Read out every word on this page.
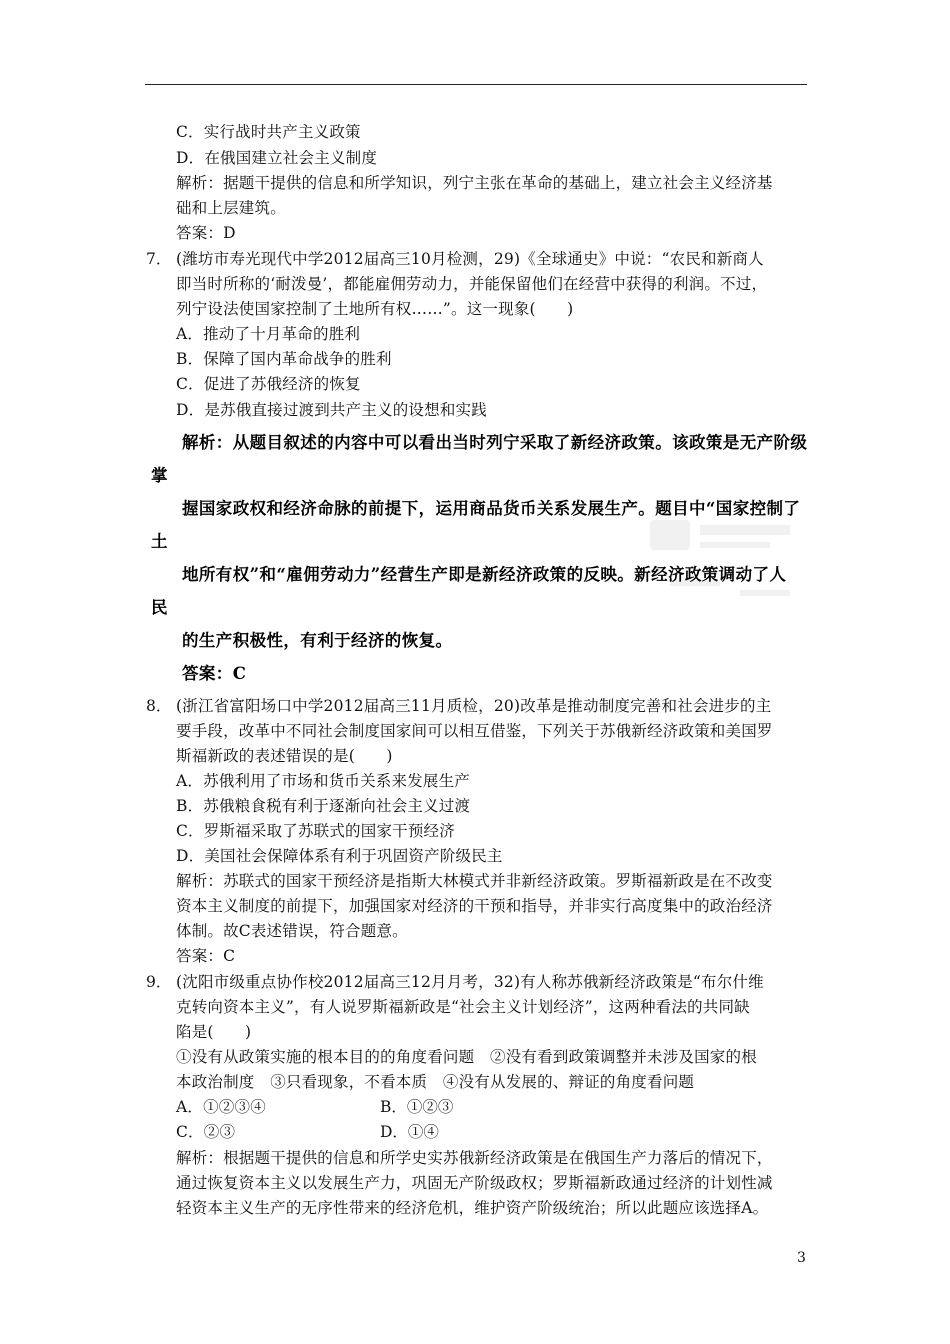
C．实行战时共产主义政策
D．在俄国建立社会主义制度
解析：据题干提供的信息和所学知识，列宁主张在革命的基础上，建立社会主义经济基
础和上层建筑。
答案：D
7． (潍坊市寿光现代中学2012届高三10月检测，29)《全球通史》中说：“农民和新商人
即当时所称的‘耐泼曼’，都能雇佣劳动力，并能保留他们在经营中获得的利润。不过，
列宁设法使国家控制了土地所有权……”。这一现象(　　)
A．推动了十月革命的胜利
B．保障了国内革命战争的胜利
C．促进了苏俄经济的恢复
D．是苏俄直接过渡到共产主义的设想和实践
解析：从题目叙述的内容中可以看出当时列宁采取了新经济政策。该政策是无产阶级
掌
握国家政权和经济命脉的前提下，运用商品货币关系发展生产。题目中“国家控制了
土
地所有权”和“雇佣劳动力”经营生产即是新经济政策的反映。新经济政策调动了人
民
的生产积极性，有利于经济的恢复。
答案：C
8． (浙江省富阳场口中学2012届高三11月质检，20)改革是推动制度完善和社会进步的主
要手段，改革中不同社会制度国家间可以相互借鉴，下列关于苏俄新经济政策和美国罗
斯福新政的表述错误的是(　　)
A．苏俄利用了市场和货币关系来发展生产
B．苏俄粮食税有利于逐渐向社会主义过渡
C．罗斯福采取了苏联式的国家干预经济
D．美国社会保障体系有利于巩固资产阶级民主
解析：苏联式的国家干预经济是指斯大林模式并非新经济政策。罗斯福新政是在不改变
资本主义制度的前提下，加强国家对经济的干预和指导，并非实行高度集中的政治经济
体制。故C表述错误，符合题意。
答案：C
9． (沈阳市级重点协作校2012届高三12月月考，32)有人称苏俄新经济政策是“布尔什维
克转向资本主义”，有人说罗斯福新政是“社会主义计划经济”，这两种看法的共同缺
陷是(　　)
①没有从政策实施的根本目的的角度看问题　②没有看到政策调整并未涉及国家的根
本政治制度　③只看现象，不看本质　④没有从发展的、辩证的角度看问题
A．①②③④	B．①②③
C．②③	D．①④
解析：根据题干提供的信息和所学史实苏俄新经济政策是在俄国生产力落后的情况下，
通过恢复资本主义以发展生产力，巩固无产阶级政权；罗斯福新政通过经济的计划性减
轻资本主义生产的无序性带来的经济危机，维护资产阶级统治；所以此题应该选择A。
3
